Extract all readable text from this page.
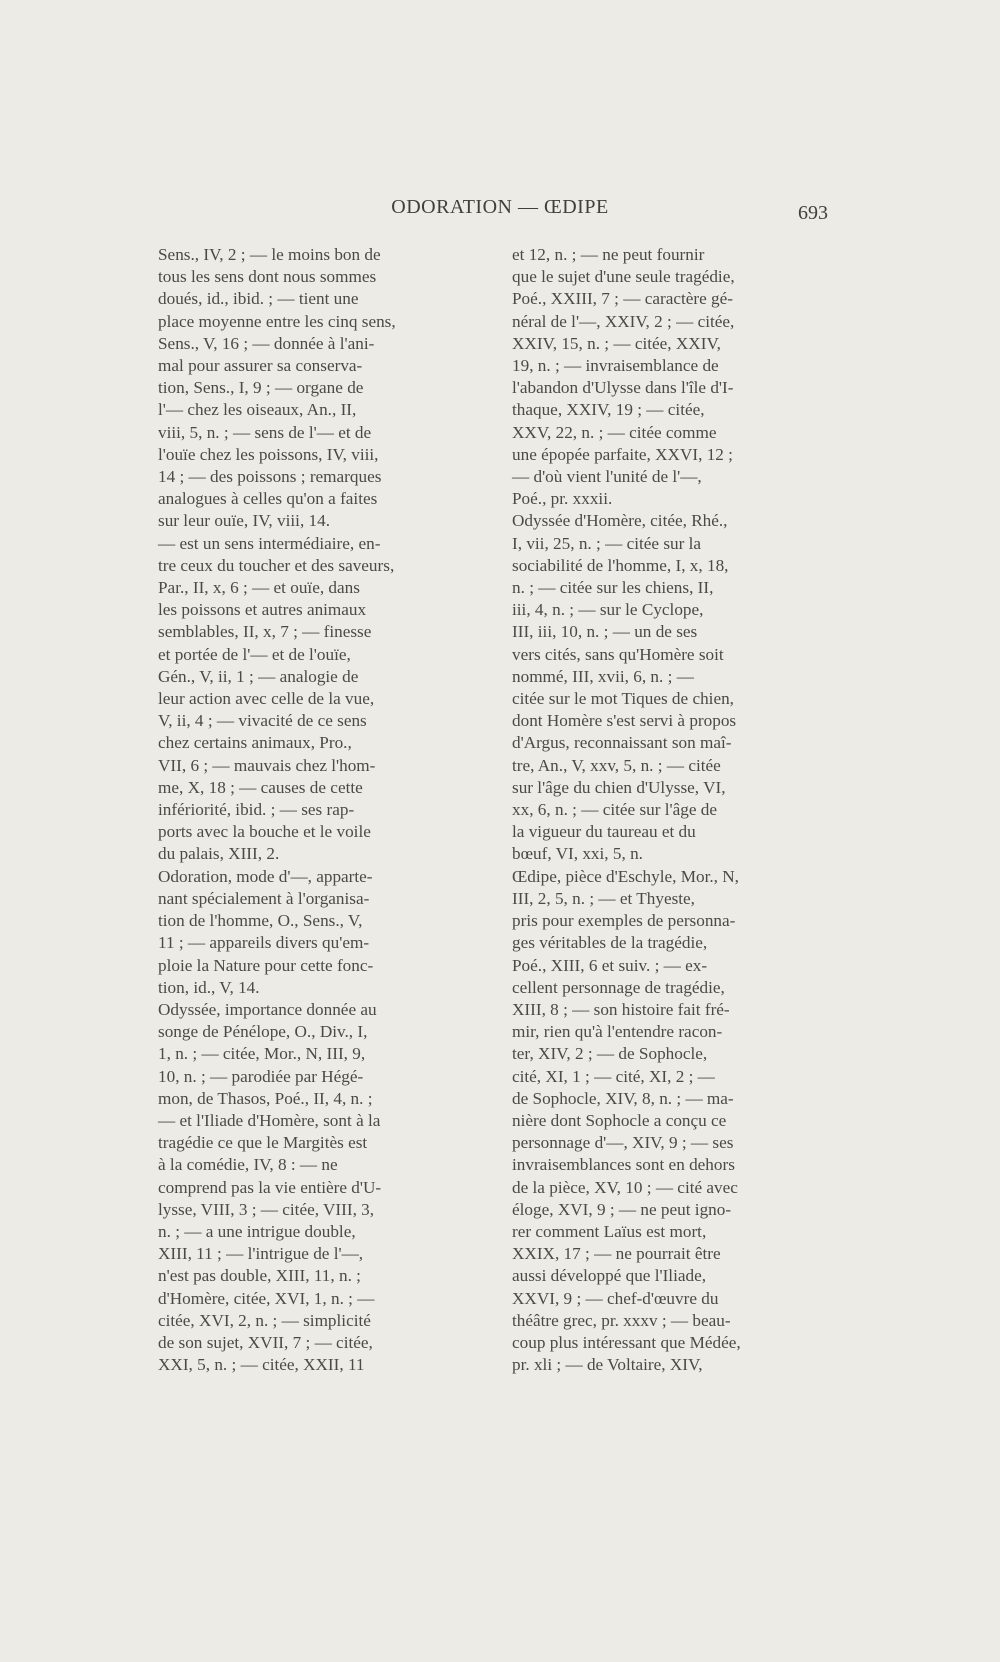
ODORATION — ŒDIPE	693
Sens., IV, 2 ; — le moins bon de
tous les sens dont nous sommes
doués, id., ibid. ; — tient une
place moyenne entre les cinq sens,
Sens., V, 16 ; — donnée à l'ani-
mal pour assurer sa conserva-
tion, Sens., I, 9 ; — organe de
l'— chez les oiseaux, An., II,
viii, 5, n. ; — sens de l'— et de
l'ouïe chez les poissons, IV, viii,
14 ; — des poissons ; remarques
analogues à celles qu'on a faites
sur leur ouïe, IV, viii, 14.
— est un sens intermédiaire, en-
tre ceux du toucher et des saveurs,
Par., II, x, 6 ; — et ouïe, dans
les poissons et autres animaux
semblables, II, x, 7 ; — finesse
et portée de l'— et de l'ouïe,
Gén., V, ii, 1 ; — analogie de
leur action avec celle de la vue,
V, ii, 4 ; — vivacité de ce sens
chez certains animaux, Pro.,
VII, 6 ; — mauvais chez l'hom-
me, X, 18 ; — causes de cette
infériorité, ibid. ; — ses rap-
ports avec la bouche et le voile
du palais, XIII, 2.
Odoration, mode d'—, apparte-
nant spécialement à l'organisa-
tion de l'homme, O., Sens., V,
11 ; — appareils divers qu'em-
ploie la Nature pour cette fonc-
tion, id., V, 14.
Odyssée, importance donnée au
songe de Pénélope, O., Div., I,
1, n. ; — citée, Mor., N, III, 9,
10, n. ; — parodiée par Hégé-
mon, de Thasos, Poé., II, 4, n. ;
— et l'Iliade d'Homère, sont à la
tragédie ce que le Margitès est
à la comédie, IV, 8 : — ne
comprend pas la vie entière d'U-
lysse, VIII, 3 ; — citée, VIII, 3,
n. ; — a une intrigue double,
XIII, 11 ; — l'intrigue de l'—,
n'est pas double, XIII, 11, n. ;
d'Homère, citée, XVI, 1, n. ; —
citée, XVI, 2, n. ; — simplicité
de son sujet, XVII, 7 ; — citée,
XXI, 5, n. ; — citée, XXII, 11
et 12, n. ; — ne peut fournir
que le sujet d'une seule tragédie,
Poé., XXIII, 7 ; — caractère gé-
néral de l'—, XXIV, 2 ; — citée,
XXIV, 15, n. ; — citée, XXIV,
19, n. ; — invraisemblance de
l'abandon d'Ulysse dans l'île d'I-
thaque, XXIV, 19 ; — citée,
XXV, 22, n. ; — citée comme
une épopée parfaite, XXVI, 12 ;
— d'où vient l'unité de l'—,
Poé., pr. xxxii.
Odyssée d'Homère, citée, Rhé.,
I, vii, 25, n. ; — citée sur la
sociabilité de l'homme, I, x, 18,
n. ; — citée sur les chiens, II,
iii, 4, n. ; — sur le Cyclope,
III, iii, 10, n. ; — un de ses
vers cités, sans qu'Homère soit
nommé, III, xvii, 6, n. ; —
citée sur le mot Tiques de chien,
dont Homère s'est servi à propos
d'Argus, reconnaissant son maî-
tre, An., V, xxv, 5, n. ; — citée
sur l'âge du chien d'Ulysse, VI,
xx, 6, n. ; — citée sur l'âge de
la vigueur du taureau et du
bœuf, VI, xxi, 5, n.
Œdipe, pièce d'Eschyle, Mor., N,
III, 2, 5, n. ; — et Thyeste,
pris pour exemples de personna-
ges véritables de la tragédie,
Poé., XIII, 6 et suiv. ; — ex-
cellent personnage de tragédie,
XIII, 8 ; — son histoire fait fré-
mir, rien qu'à l'entendre racon-
ter, XIV, 2 ; — de Sophocle,
cité, XI, 1 ; — cité, XI, 2 ; —
de Sophocle, XIV, 8, n. ; — ma-
nière dont Sophocle a conçu ce
personnage d'—, XIV, 9 ; — ses
invraisemblances sont en dehors
de la pièce, XV, 10 ; — cité avec
éloge, XVI, 9 ; — ne peut igno-
rer comment Laïus est mort,
XXIX, 17 ; — ne pourrait être
aussi développé que l'Iliade,
XXVI, 9 ; — chef-d'œuvre du
théâtre grec, pr. xxxv ; — beau-
coup plus intéressant que Médée,
pr. xli ; — de Voltaire, XIV,
